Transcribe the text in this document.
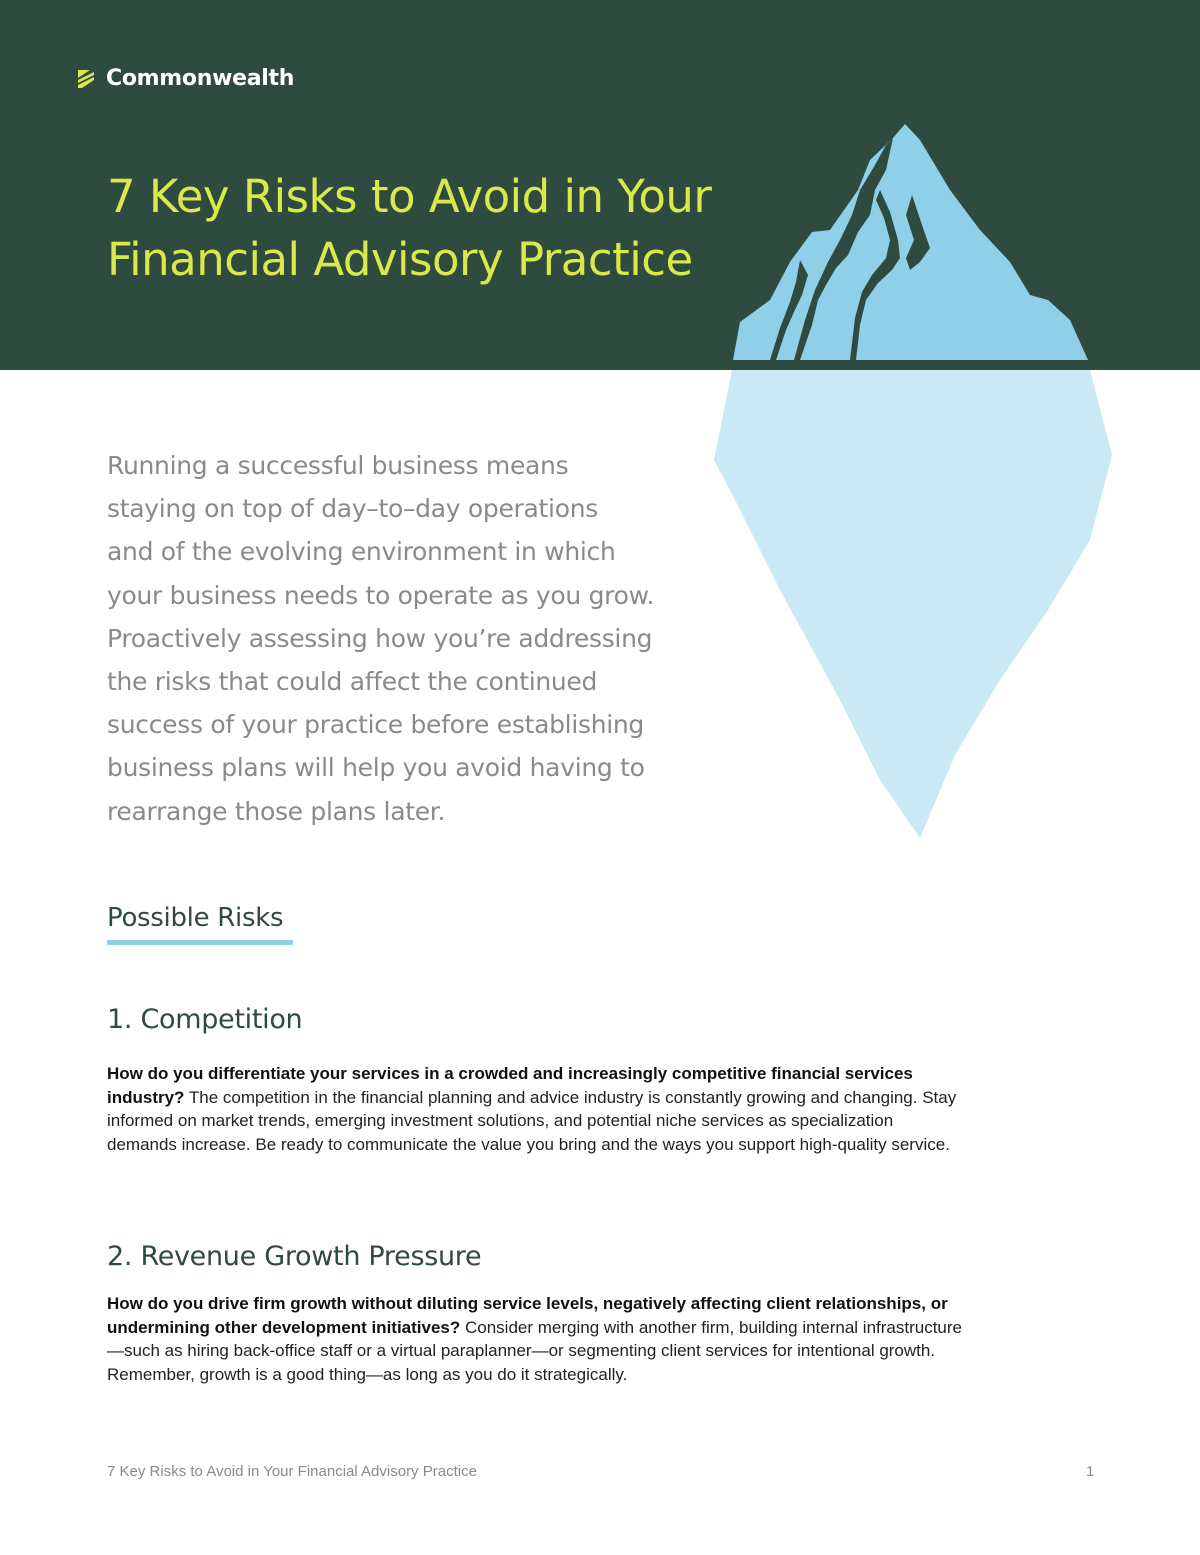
Commonwealth
7 Key Risks to Avoid in Your
Financial Advisory Practice

Running a successful business means
staying on top of day–to–day operations
and of the evolving environment in which
your business needs to operate as you grow.
Proactively assessing how you’re addressing
the risks that could affect the continued
success of your practice before establishing
business plans will help you avoid having to
rearrange those plans later.

Possible Risks
1. Competition

How do you differentiate your services in a crowded and increasingly competitive financial services industry? The competition in the financial planning and advice industry is constantly growing and changing. Stay informed on market trends, emerging investment solutions, and potential niche services as specialization demands increase. Be ready to communicate the value you bring and the ways you support high-quality service.

2. Revenue Growth Pressure

How do you drive firm growth without diluting service levels, negatively affecting client relationships, or undermining other development initiatives? Consider merging with another firm, building internal infrastructure—such as hiring back-office staff or a virtual paraplanner—or segmenting client services for intentional growth. Remember, growth is a good thing—as long as you do it strategically.

7 Key Risks to Avoid in Your Financial Advisory Practice	1
